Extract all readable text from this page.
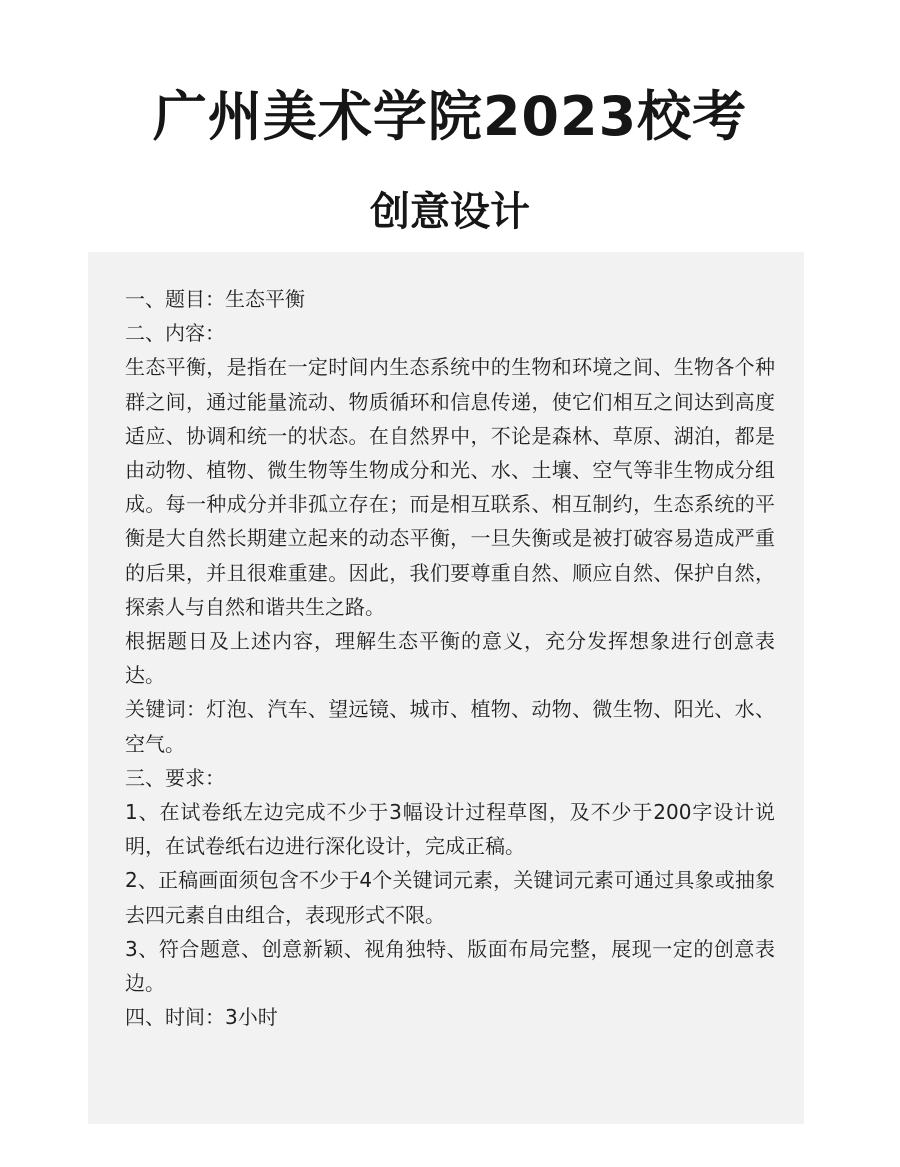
广州美术学院2023校考
创意设计

一、题目：生态平衡

二、内容：

生态平衡，是指在一定时间内生态系统中的生物和环境之间、生物各个种群之间，通过能量流动、物质循环和信息传递，使它们相互之间达到高度适应、协调和统一的状态。在自然界中，不论是森林、草原、湖泊，都是由动物、植物、微生物等生物成分和光、水、土壤、空气等非生物成分组成。每一种成分并非孤立存在；而是相互联系、相互制约，生态系统的平衡是大自然长期建立起来的动态平衡，一旦失衡或是被打破容易造成严重的后果，并且很难重建。因此，我们要尊重自然、顺应自然、保护自然，探索人与自然和谐共生之路。

根据题日及上述内容，理解生态平衡的意义，充分发挥想象进行创意表达。

关键词：灯泡、汽车、望远镜、城市、植物、动物、微生物、阳光、水、空气。

三、要求：

1、在试卷纸左边完成不少于3幅设计过程草图，及不少于200字设计说明，在试卷纸右边进行深化设计，完成正稿。

2、正稿画面须包含不少于4个关键词元素，关键词元素可通过具象或抽象去四元素自由组合，表现形式不限。

3、符合题意、创意新颖、视角独特、版面布局完整，展现一定的创意表边。

四、时间：3小时
